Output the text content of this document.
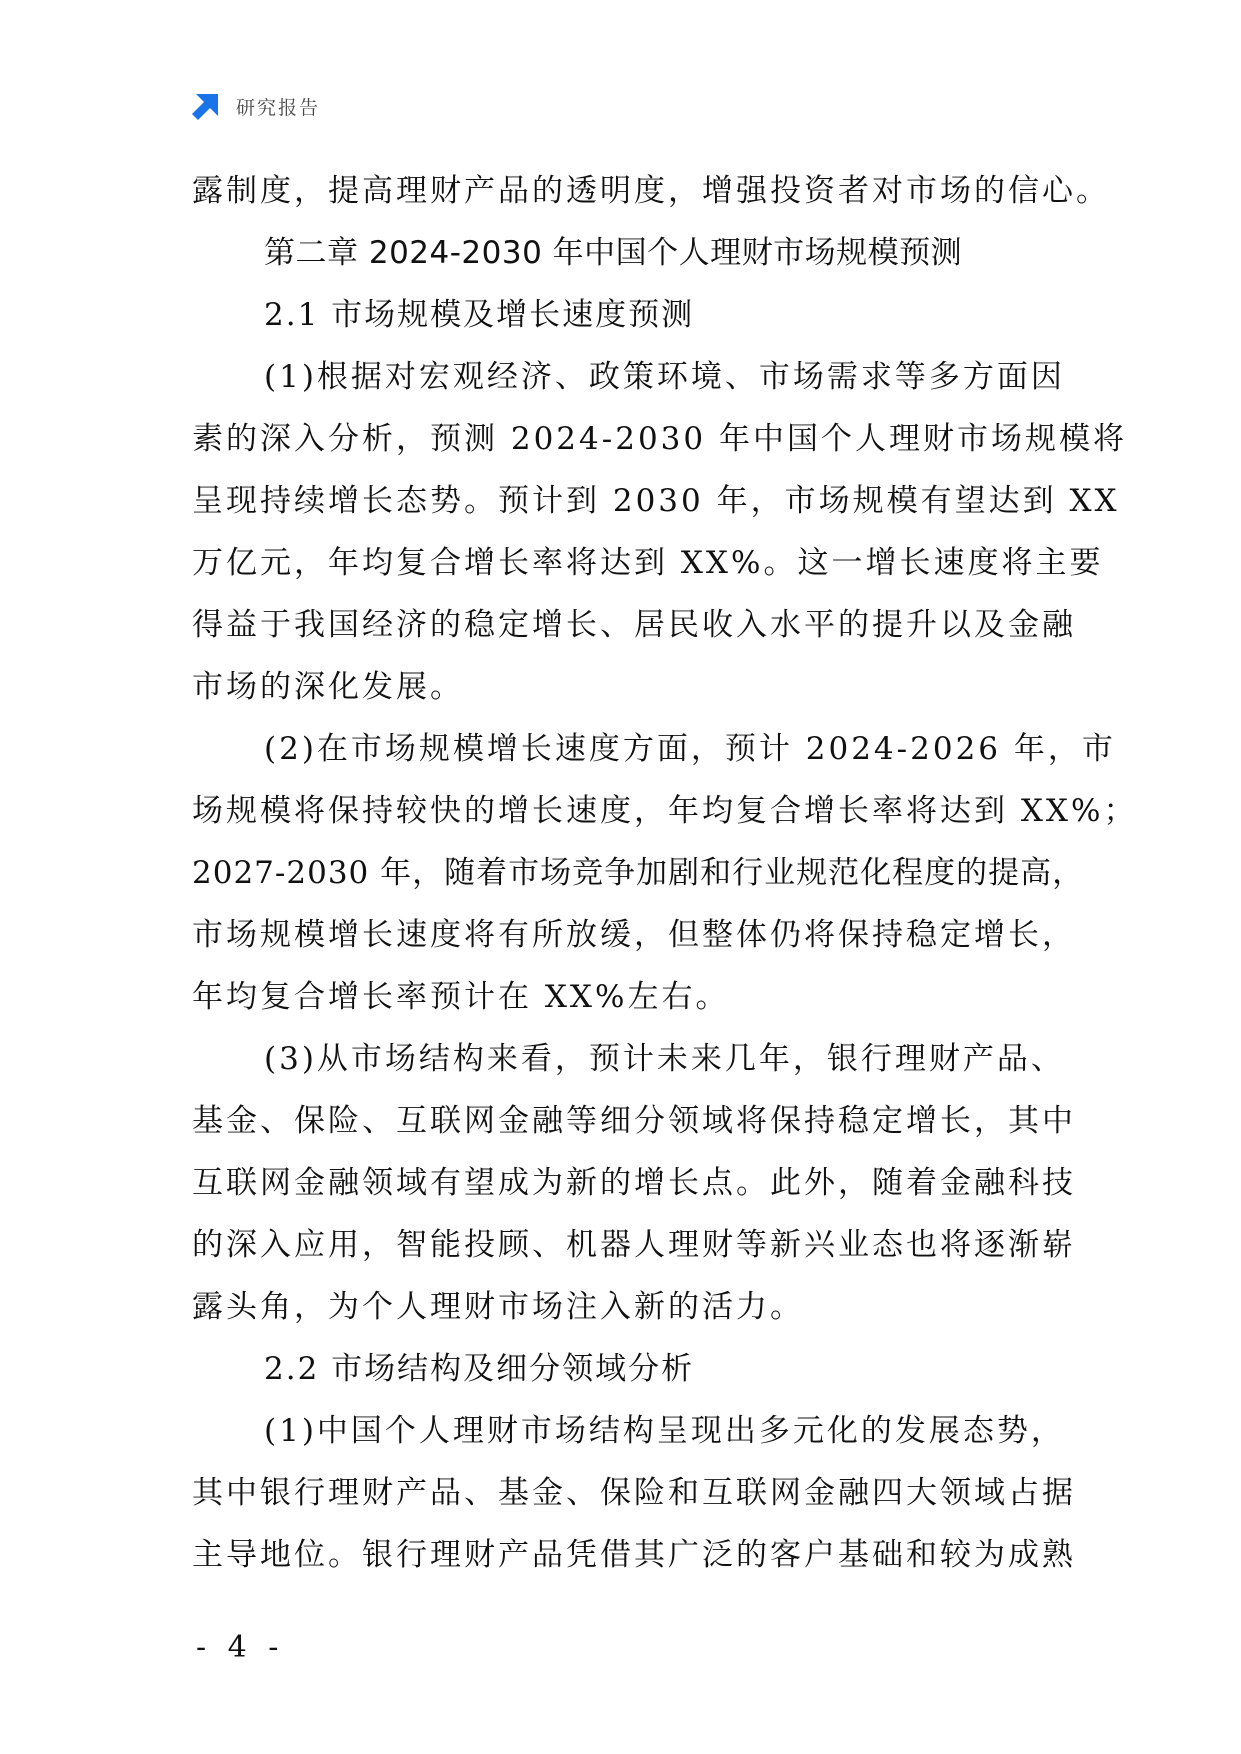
研究报告
露制度，提高理财产品的透明度，增强投资者对市场的信心。
第二章 2024-2030 年中国个人理财市场规模预测
2.1 市场规模及增长速度预测
(1)根据对宏观经济、政策环境、市场需求等多方面因
素的深入分析，预测 2024-2030 年中国个人理财市场规模将
呈现持续增长态势。预计到 2030 年，市场规模有望达到 XX
万亿元，年均复合增长率将达到 XX%。这一增长速度将主要
得益于我国经济的稳定增长、居民收入水平的提升以及金融
市场的深化发展。
(2)在市场规模增长速度方面，预计 2024-2026 年，市
场规模将保持较快的增长速度，年均复合增长率将达到 XX%；
2027-2030 年，随着市场竞争加剧和行业规范化程度的提高，
市场规模增长速度将有所放缓，但整体仍将保持稳定增长，
年均复合增长率预计在 XX%左右。
(3)从市场结构来看，预计未来几年，银行理财产品、
基金、保险、互联网金融等细分领域将保持稳定增长，其中
互联网金融领域有望成为新的增长点。此外，随着金融科技
的深入应用，智能投顾、机器人理财等新兴业态也将逐渐崭
露头角，为个人理财市场注入新的活力。
2.2 市场结构及细分领域分析
(1)中国个人理财市场结构呈现出多元化的发展态势，
其中银行理财产品、基金、保险和互联网金融四大领域占据
主导地位。银行理财产品凭借其广泛的客户基础和较为成熟
- 4 -
